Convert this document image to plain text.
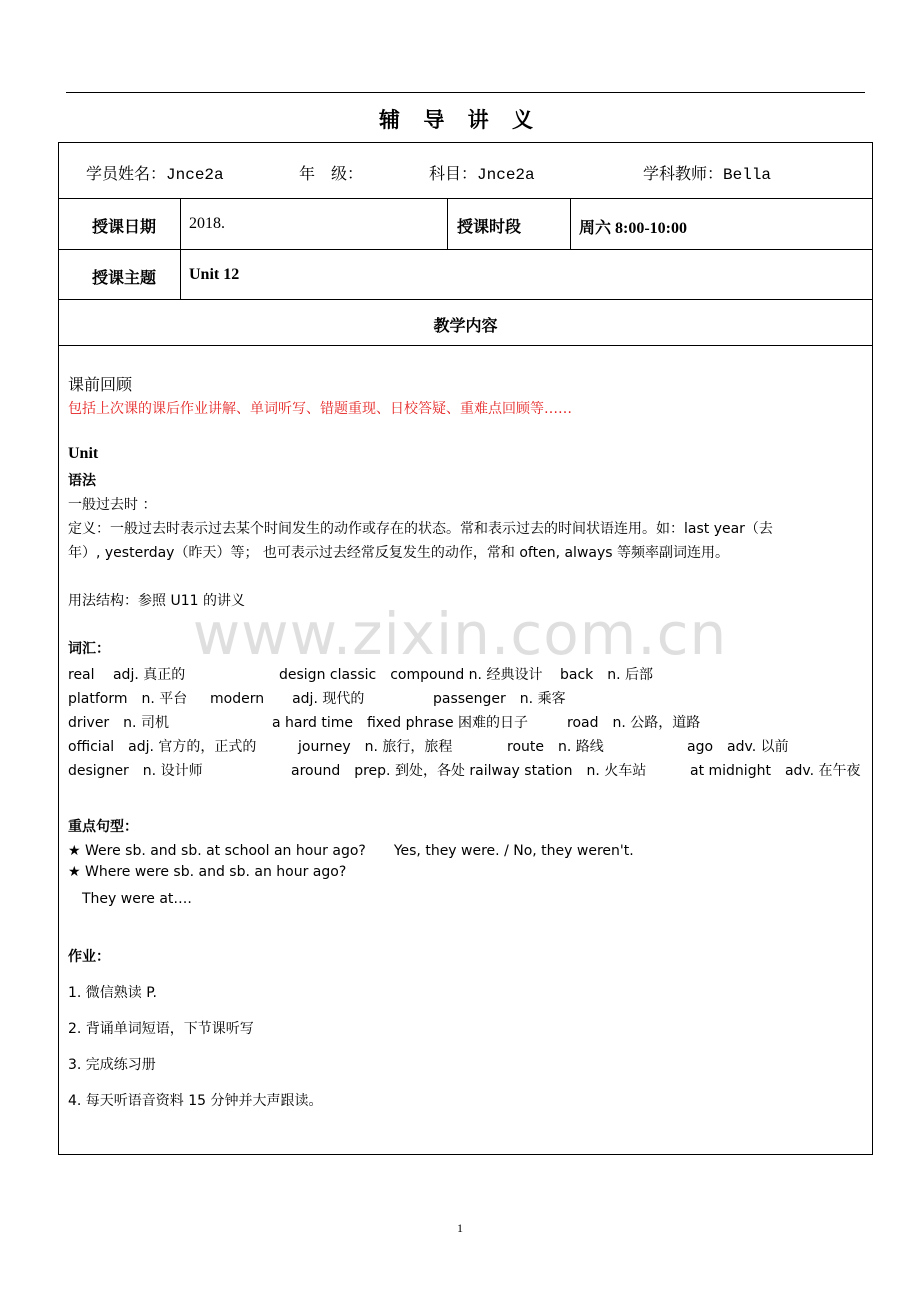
辅 导 讲 义
学员姓名：Jnce2a	年　级：	科目：Jnce2a	学科教师：Bella
授课日期 2018.	授课时段	周六 8:00-10:00
授课主题 Unit 12
教学内容
课前回顾
包括上次课的课后作业讲解、单词听写、错题重现、日校答疑、重难点回顾等……
Unit
语法
一般过去时 ：
定义：一般过去时表示过去某个时间发生的动作或存在的状态。常和表示过去的时间状语连用。如：last year（去
年）, yesterday（昨天）等； 也可表示过去经常反复发生的动作，常和 often, always 等频率副词连用。
用法结构：参照 U11 的讲义
词汇：
real　 adj. 真正的	design classic　compound n. 经典设计 back　n. 后部
platform　n. 平台 modern　　adj. 现代的	passenger　n. 乘客
driver　n. 司机	a hard time　fixed phrase 困难的日子	road　n. 公路，道路
official　adj. 官方的，正式的	journey　n. 旅行，旅程	route　n. 路线	ago　adv. 以前
designer　n. 设计师	around　prep. 到处，各处 railway station　n. 火车站	at midnight　adv. 在午夜
重点句型：
★ Were sb. and sb. at school an hour ago?　　Yes, they were. / No, they weren't.
★ Where were sb. and sb. an hour ago?
　They were at….
作业：
1. 微信熟读 P.
2. 背诵单词短语，下节课听写
3. 完成练习册
4. 每天听语音资料 15 分钟并大声跟读。
www.zixin.com.cn
1
